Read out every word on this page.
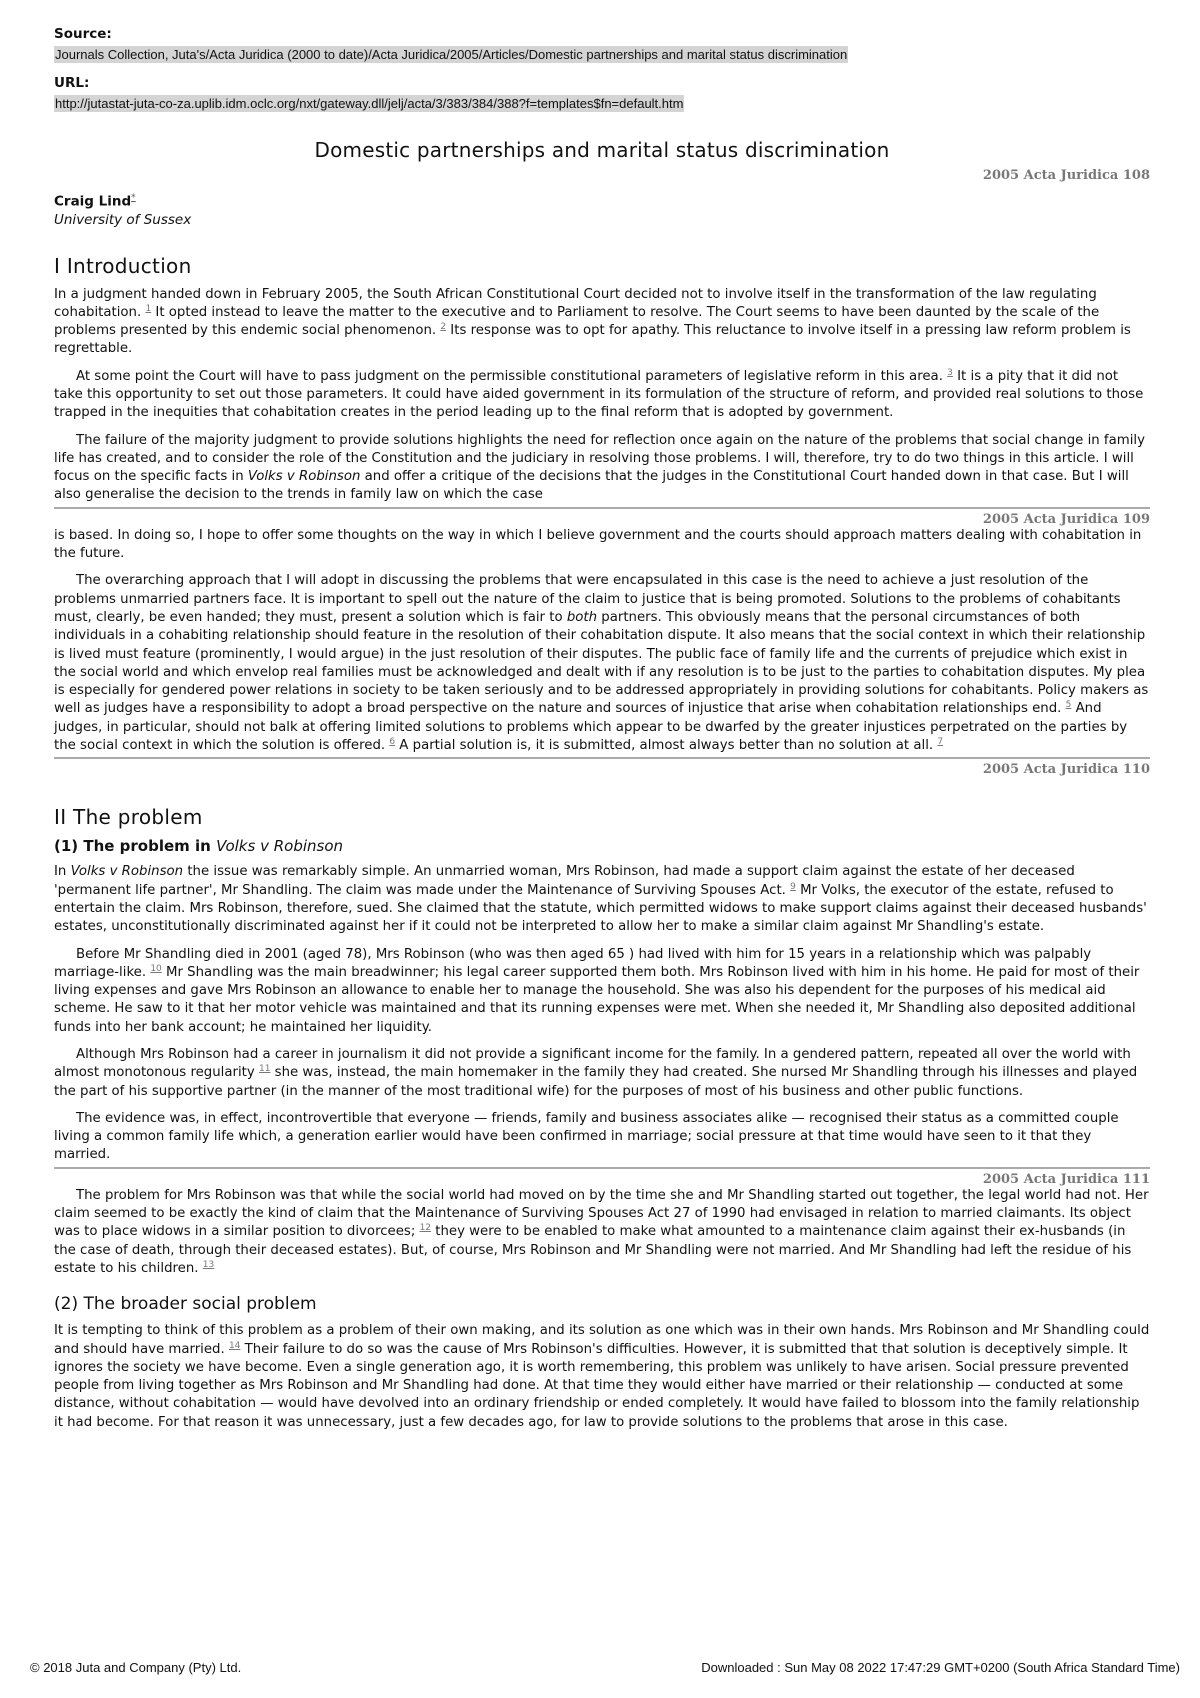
Source:
Journals Collection, Juta's/Acta Juridica (2000 to date)/Acta Juridica/2005/Articles/Domestic partnerships and marital status discrimination
URL:
http://jutastat-juta-co-za.uplib.idm.oclc.org/nxt/gateway.dll/jelj/acta/3/383/384/388?f=templates$fn=default.htm
Domestic partnerships and marital status discrimination
2005 Acta Juridica 108
Craig Lind*
University of Sussex
I Introduction

In a judgment handed down in February 2005, the South African Constitutional Court decided not to involve itself in the transformation of the law regulating cohabitation. $^1$ It opted instead to leave the matter to the executive and to Parliament to resolve. The Court seems to have been daunted by the scale of the problems presented by this endemic social phenomenon. $^2$ Its response was to opt for apathy. This reluctance to involve itself in a pressing law reform problem is regrettable.

At some point the Court will have to pass judgment on the permissible constitutional parameters of legislative reform in this area. $^3$ It is a pity that it did not take this opportunity to set out those parameters. It could have aided government in its formulation of the structure of reform, and provided real solutions to those trapped in the inequities that cohabitation creates in the period leading up to the final reform that is adopted by government.

The failure of the majority judgment to provide solutions highlights the need for reflection once again on the nature of the problems that social change in family life has created, and to consider the role of the Constitution and the judiciary in resolving those problems. I will, therefore, try to do two things in this article. I will focus on the specific facts in Volks v Robinson and offer a critique of the decisions that the judges in the Constitutional Court handed down in that case. But I will also generalise the decision to the trends in family law on which the case

2005 Acta Juridica 109

is based. In doing so, I hope to offer some thoughts on the way in which I believe government and the courts should approach matters dealing with cohabitation in the future.

The overarching approach that I will adopt in discussing the problems that were encapsulated in this case is the need to achieve a just resolution of the problems unmarried partners face. It is important to spell out the nature of the claim to justice that is being promoted. Solutions to the problems of cohabitants must, clearly, be even handed; they must, present a solution which is fair to both partners. This obviously means that the personal circumstances of both individuals in a cohabiting relationship should feature in the resolution of their cohabitation dispute. It also means that the social context in which their relationship is lived must feature (prominently, I would argue) in the just resolution of their disputes. The public face of family life and the currents of prejudice which exist in the social world and which envelop real families must be acknowledged and dealt with if any resolution is to be just to the parties to cohabitation disputes. My plea is especially for gendered power relations in society to be taken seriously and to be addressed appropriately in providing solutions for cohabitants. Policy makers as well as judges have a responsibility to adopt a broad perspective on the nature and sources of injustice that arise when cohabitation relationships end. $^5$ And judges, in particular, should not balk at offering limited solutions to problems which appear to be dwarfed by the greater injustices perpetrated on the parties by the social context in which the solution is offered. $^6$ A partial solution is, it is submitted, almost always better than no solution at all. $^7$

2005 Acta Juridica 110
II The problem
(1) The problem in Volks v Robinson

In Volks v Robinson the issue was remarkably simple. An unmarried woman, Mrs Robinson, had made a support claim against the estate of her deceased 'permanent life partner', Mr Shandling. The claim was made under the Maintenance of Surviving Spouses Act. $^9$ Mr Volks, the executor of the estate, refused to entertain the claim. Mrs Robinson, therefore, sued. She claimed that the statute, which permitted widows to make support claims against their deceased husbands' estates, unconstitutionally discriminated against her if it could not be interpreted to allow her to make a similar claim against Mr Shandling's estate.

Before Mr Shandling died in 2001 (aged 78), Mrs Robinson (who was then aged 65 ) had lived with him for 15 years in a relationship which was palpably marriage-like. $^{10}$ Mr Shandling was the main breadwinner; his legal career supported them both. Mrs Robinson lived with him in his home. He paid for most of their living expenses and gave Mrs Robinson an allowance to enable her to manage the household. She was also his dependent for the purposes of his medical aid scheme. He saw to it that her motor vehicle was maintained and that its running expenses were met. When she needed it, Mr Shandling also deposited additional funds into her bank account; he maintained her liquidity.

Although Mrs Robinson had a career in journalism it did not provide a significant income for the family. In a gendered pattern, repeated all over the world with almost monotonous regularity $^{11}$ she was, instead, the main homemaker in the family they had created. She nursed Mr Shandling through his illnesses and played the part of his supportive partner (in the manner of the most traditional wife) for the purposes of most of his business and other public functions.

The evidence was, in effect, incontrovertible that everyone — friends, family and business associates alike — recognised their status as a committed couple living a common family life which, a generation earlier would have been confirmed in marriage; social pressure at that time would have seen to it that they married.

2005 Acta Juridica 111

The problem for Mrs Robinson was that while the social world had moved on by the time she and Mr Shandling started out together, the legal world had not. Her claim seemed to be exactly the kind of claim that the Maintenance of Surviving Spouses Act 27 of 1990 had envisaged in relation to married claimants. Its object was to place widows in a similar position to divorcees; $^{12}$ they were to be enabled to make what amounted to a maintenance claim against their ex-husbands (in the case of death, through their deceased estates). But, of course, Mrs Robinson and Mr Shandling were not married. And Mr Shandling had left the residue of his estate to his children. $^{13}$

(2) The broader social problem

It is tempting to think of this problem as a problem of their own making, and its solution as one which was in their own hands. Mrs Robinson and Mr Shandling could and should have married. $^{14}$ Their failure to do so was the cause of Mrs Robinson's difficulties. However, it is submitted that that solution is deceptively simple. It ignores the society we have become. Even a single generation ago, it is worth remembering, this problem was unlikely to have arisen. Social pressure prevented people from living together as Mrs Robinson and Mr Shandling had done. At that time they would either have married or their relationship — conducted at some distance, without cohabitation — would have devolved into an ordinary friendship or ended completely. It would have failed to blossom into the family relationship it had become. For that reason it was unnecessary, just a few decades ago, for law to provide solutions to the problems that arose in this case.

© 2018 Juta and Company (Pty) Ltd.	Downloaded : Sun May 08 2022 17:47:29 GMT+0200 (South Africa Standard Time)
